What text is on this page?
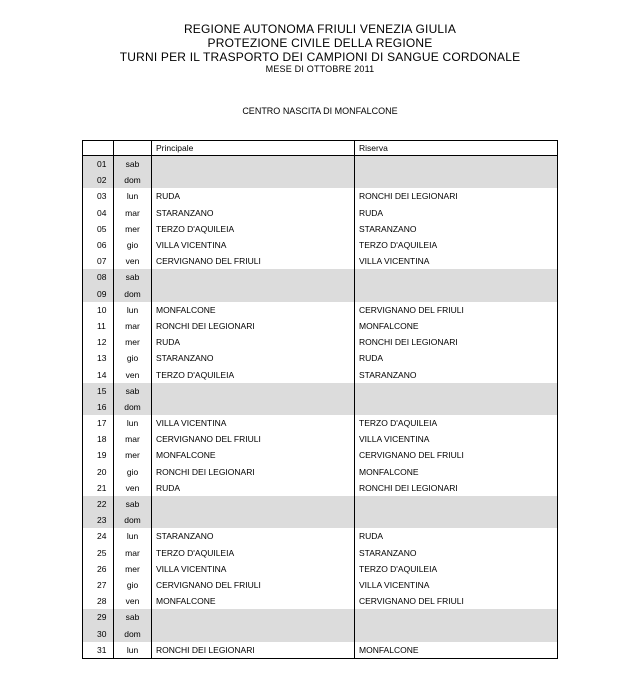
REGIONE AUTONOMA FRIULI VENEZIA GIULIA
PROTEZIONE CIVILE DELLA REGIONE
TURNI PER IL TRASPORTO DEI CAMPIONI DI SANGUE CORDONALE
MESE DI OTTOBRE 2011
CENTRO NASCITA DI MONFALCONE
		Principale	Riserva
01	sab		
02	dom		
03	lun	RUDA	RONCHI DEI LEGIONARI
04	mar	STARANZANO	RUDA
05	mer	TERZO D'AQUILEIA	STARANZANO
06	gio	VILLA VICENTINA	TERZO D'AQUILEIA
07	ven	CERVIGNANO DEL FRIULI	VILLA VICENTINA
08	sab		
09	dom		
10	lun	MONFALCONE	CERVIGNANO DEL FRIULI
11	mar	RONCHI DEI LEGIONARI	MONFALCONE
12	mer	RUDA	RONCHI DEI LEGIONARI
13	gio	STARANZANO	RUDA
14	ven	TERZO D'AQUILEIA	STARANZANO
15	sab		
16	dom		
17	lun	VILLA VICENTINA	TERZO D'AQUILEIA
18	mar	CERVIGNANO DEL FRIULI	VILLA VICENTINA
19	mer	MONFALCONE	CERVIGNANO DEL FRIULI
20	gio	RONCHI DEI LEGIONARI	MONFALCONE
21	ven	RUDA	RONCHI DEI LEGIONARI
22	sab		
23	dom		
24	lun	STARANZANO	RUDA
25	mar	TERZO D'AQUILEIA	STARANZANO
26	mer	VILLA VICENTINA	TERZO D'AQUILEIA
27	gio	CERVIGNANO DEL FRIULI	VILLA VICENTINA
28	ven	MONFALCONE	CERVIGNANO DEL FRIULI
29	sab		
30	dom		
31	lun	RONCHI DEI LEGIONARI	MONFALCONE
